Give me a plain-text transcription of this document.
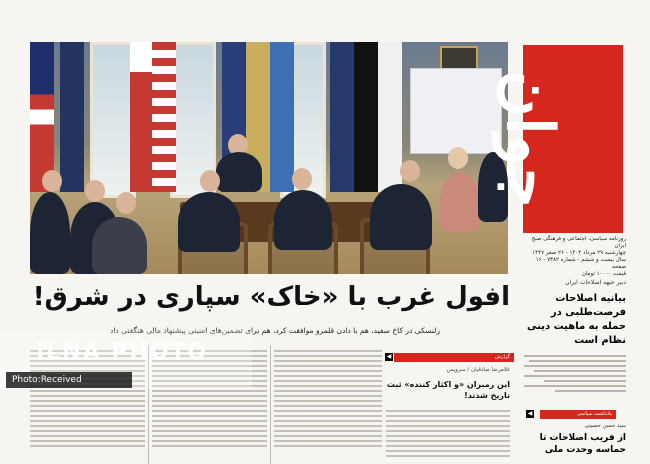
جوان
روزنامه سیاسی، اجتماعی و فرهنگی صبح ایران
چهارشنبه ۲۹ مرداد ۱۴۰۴ - ۲۶ صفر ۱۴۴۷
سال بیست و ششم - شماره ۷۳۸۲ - ۱۶ صفحه
قیمت ۱۰۰۰۰ تومان
دبیر جبهه اصلاحات ایران
بیانیه اصلاحات فرصت‌طلبی در حمله به ماهیت دینی نظام است
◀	یادداشت سیاسی
سید حسن حسینی
از فریب اصلاحات تا حماسه وحدت ملی
افول غرب با «خاک» سپاری در شرق!
زلنسکی در کاخ سفید، هم با دادن قلمرو موافقت کرد، هم برای تضمین‌های امنیتی پیشنهاد مالی هنگفتی داد
◀	گزارش
غلامرضا صادقیان / سرویس
این رمبران «و اکثار کننده» ثبت تاریخ شدند!
ILNA PHOTO
Photo:Received
